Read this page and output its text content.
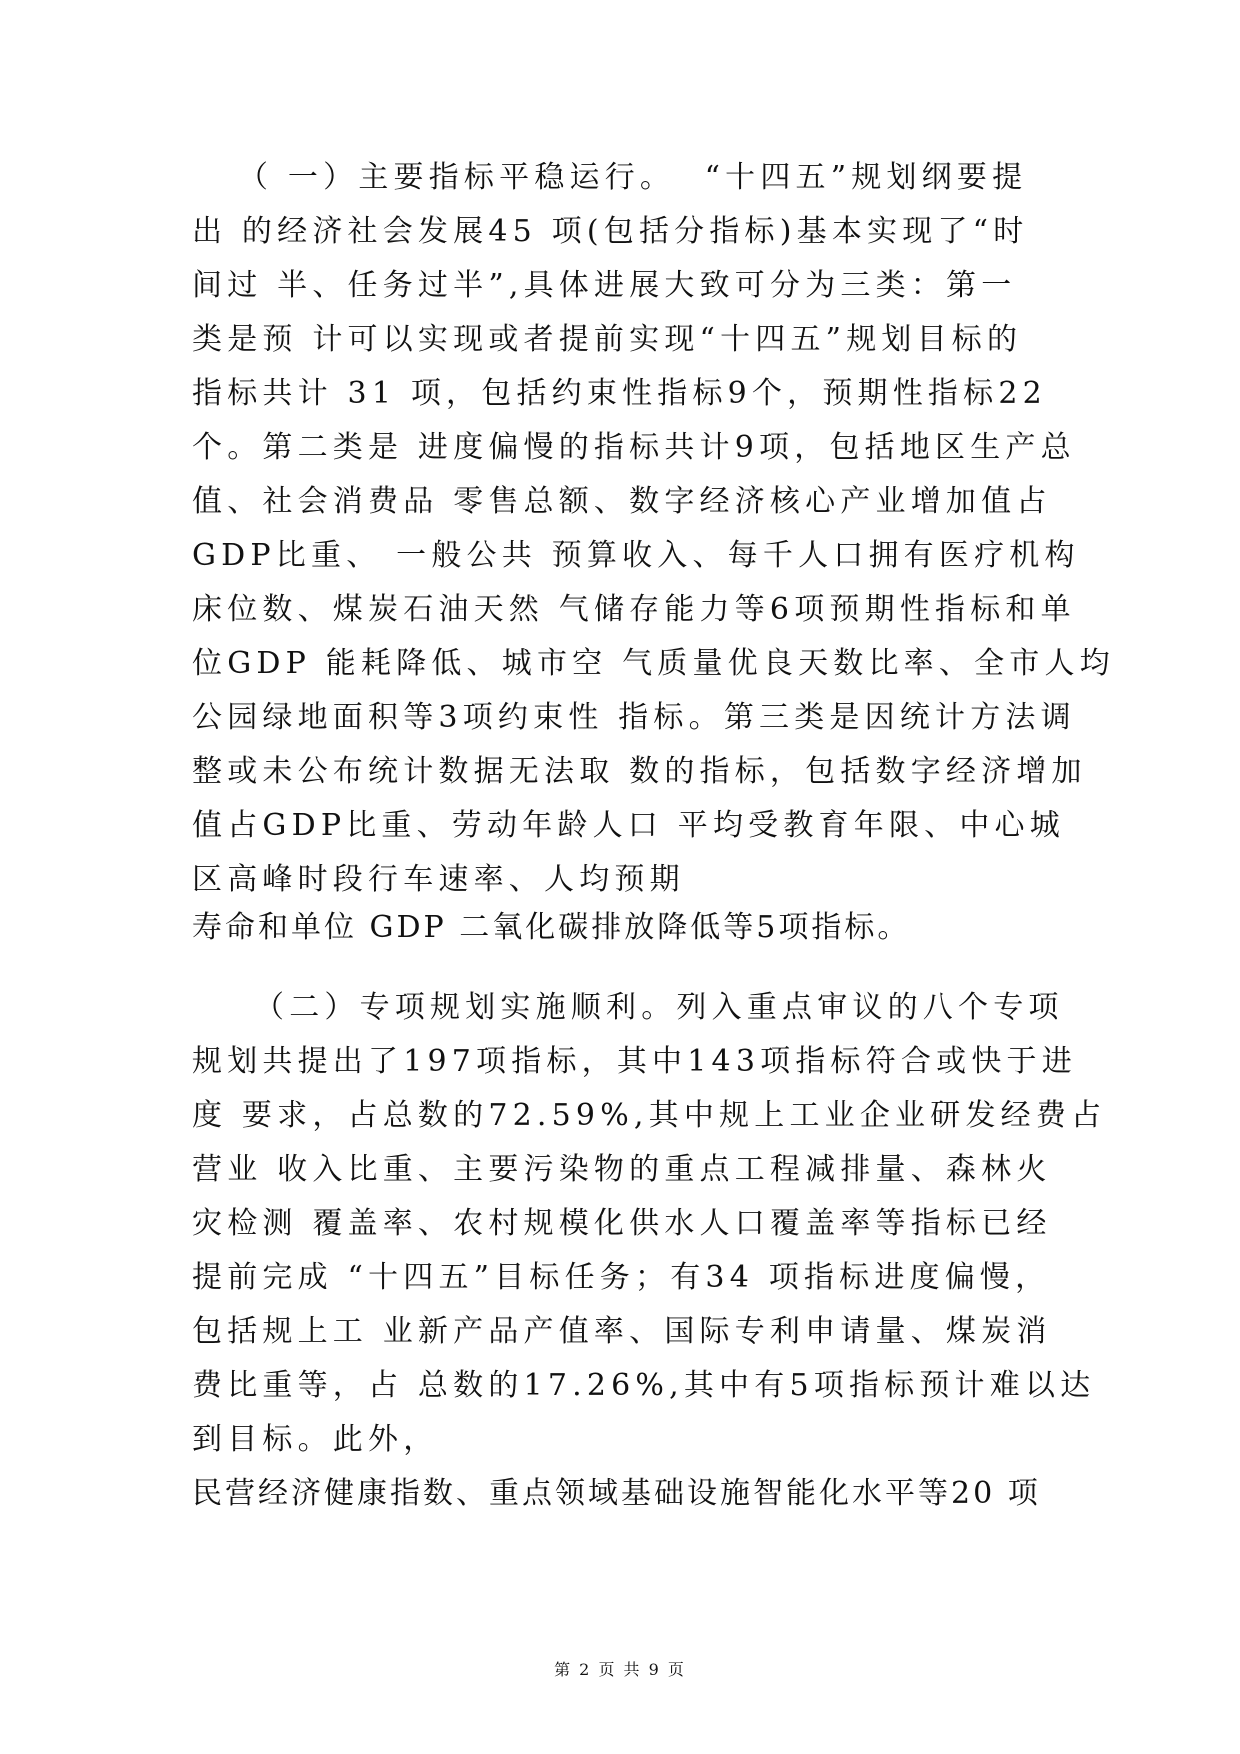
（ 一）主要指标平稳运行。  “十四五”规划纲要提
出 的经济社会发展45 项(包括分指标)基本实现了“时
间过 半、任务过半”,具体进展大致可分为三类：第一
类是预 计可以实现或者提前实现“十四五”规划目标的
指标共计 31 项，包括约束性指标9个，预期性指标22
个。第二类是 进度偏慢的指标共计9项，包括地区生产总
值、社会消费品 零售总额、数字经济核心产业增加值占
GDP比重、 一般公共 预算收入、每千人口拥有医疗机构
床位数、煤炭石油天然 气储存能力等6项预期性指标和单
位GDP 能耗降低、城市空 气质量优良天数比率、全市人均
公园绿地面积等3项约束性 指标。第三类是因统计方法调
整或未公布统计数据无法取 数的指标，包括数字经济增加
值占GDP比重、劳动年龄人口 平均受教育年限、中心城
区高峰时段行车速率、人均预期
寿命和单位 GDP 二氧化碳排放降低等5项指标。
（二）专项规划实施顺利。列入重点审议的八个专项
规划共提出了197项指标，其中143项指标符合或快于进
度 要求，占总数的72.59%,其中规上工业企业研发经费占
营业 收入比重、主要污染物的重点工程减排量、森林火
灾检测 覆盖率、农村规模化供水人口覆盖率等指标已经
提前完成 “十四五”目标任务；有34 项指标进度偏慢，
包括规上工 业新产品产值率、国际专利申请量、煤炭消
费比重等，占 总数的17.26%,其中有5项指标预计难以达
到目标。此外，
民营经济健康指数、重点领域基础设施智能化水平等20 项
第 2 页 共 9 页
